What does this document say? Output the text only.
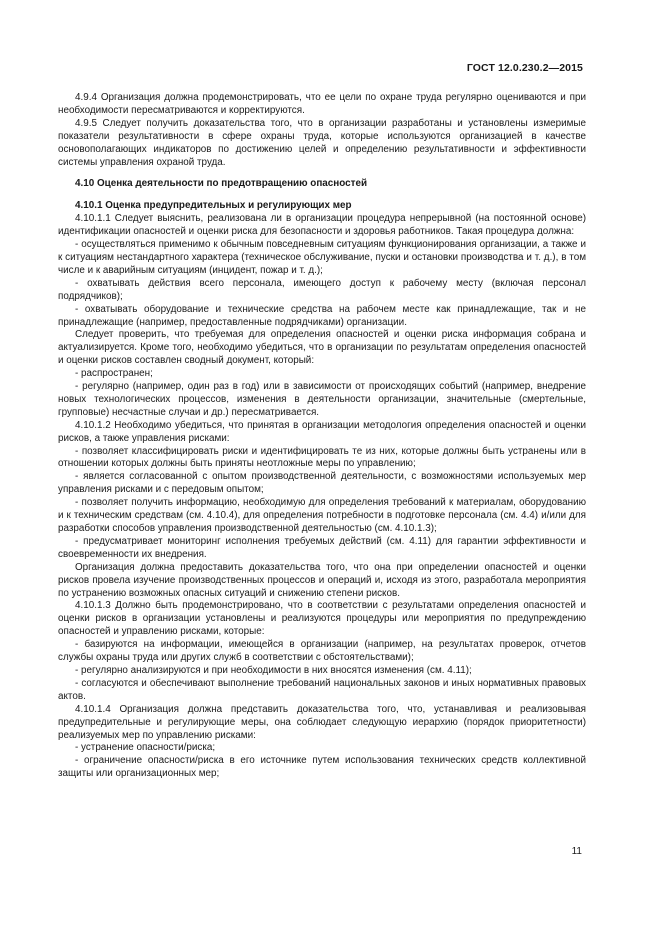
ГОСТ 12.0.230.2—2015

4.9.4 Организация должна продемонстрировать, что ее цели по охране труда регулярно оцениваются и при необходимости пересматриваются и корректируются.

4.9.5 Следует получить доказательства того, что в организации разработаны и установлены измеримые показатели результативности в сфере охраны труда, которые используются организацией в качестве основополагающих индикаторов по достижению целей и определению результативности и эффективности системы управления охраной труда.

4.10 Оценка деятельности по предотвращению опасностей
4.10.1 Оценка предупредительных и регулирующих мер

4.10.1.1 Следует выяснить, реализована ли в организации процедура непрерывной (на постоянной основе) идентификации опасностей и оценки риска для безопасности и здоровья работников. Такая процедура должна:

- осуществляться применимо к обычным повседневным ситуациям функционирования организации, а также и к ситуациям нестандартного характера (техническое обслуживание, пуски и остановки производства и т. д.), в том числе и к аварийным ситуациям (инцидент, пожар и т. д.);

- охватывать действия всего персонала, имеющего доступ к рабочему месту (включая персонал подрядчиков);

- охватывать оборудование и технические средства на рабочем месте как принадлежащие, так и не принадлежащие (например, предоставленные подрядчиками) организации.

Следует проверить, что требуемая для определения опасностей и оценки риска информация собрана и актуализируется. Кроме того, необходимо убедиться, что в организации по результатам определения опасностей и оценки рисков составлен сводный документ, который:

- распространен;

- регулярно (например, один раз в год) или в зависимости от происходящих событий (например, внедрение новых технологических процессов, изменения в деятельности организации, значительные (смертельные, групповые) несчастные случаи и др.) пересматривается.

4.10.1.2 Необходимо убедиться, что принятая в организации методология определения опасностей и оценки рисков, а также управления рисками:

- позволяет классифицировать риски и идентифицировать те из них, которые должны быть устранены или в отношении которых должны быть приняты неотложные меры по управлению;

- является согласованной с опытом производственной деятельности, с возможностями используемых мер управления рисками и с передовым опытом;

- позволяет получить информацию, необходимую для определения требований к материалам, оборудованию и к техническим средствам (см. 4.10.4), для определения потребности в подготовке персонала (см. 4.4) и/или для разработки способов управления производственной деятельностью (см. 4.10.1.3);

- предусматривает мониторинг исполнения требуемых действий (см. 4.11) для гарантии эффективности и своевременности их внедрения.

Организация должна предоставить доказательства того, что она при определении опасностей и оценки рисков провела изучение производственных процессов и операций и, исходя из этого, разработала мероприятия по устранению возможных опасных ситуаций и снижению степени рисков.

4.10.1.3 Должно быть продемонстрировано, что в соответствии с результатами определения опасностей и оценки рисков в организации установлены и реализуются процедуры или мероприятия по предупреждению опасностей и управлению рисками, которые:

- базируются на информации, имеющейся в организации (например, на результатах проверок, отчетов службы охраны труда или других служб в соответствии с обстоятельствами);

- регулярно анализируются и при необходимости в них вносятся изменения (см. 4.11);

- согласуются и обеспечивают выполнение требований национальных законов и иных нормативных правовых актов.

4.10.1.4 Организация должна представить доказательства того, что, устанавливая и реализовывая предупредительные и регулирующие меры, она соблюдает следующую иерархию (порядок приоритетности) реализуемых мер по управлению рисками:

- устранение опасности/риска;

- ограничение опасности/риска в его источнике путем использования технических средств коллективной защиты или организационных мер;

11
